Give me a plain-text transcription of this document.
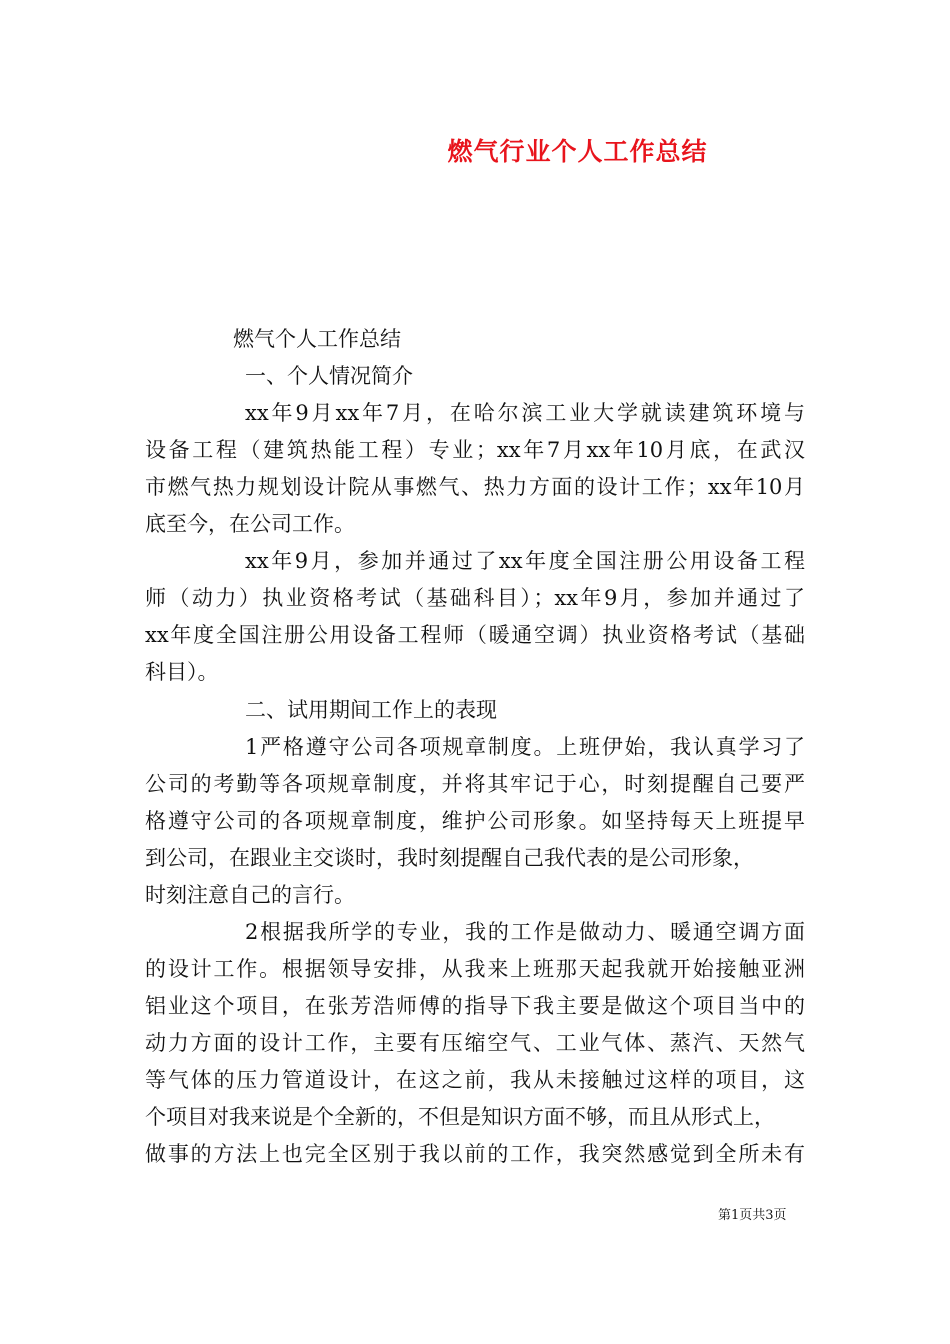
燃气行业个人工作总结
燃气个人工作总结
一、个人情况简介
xx年9月xx年7月，在哈尔滨工业大学就读建筑环境与
设备工程（建筑热能工程）专业；xx年7月xx年10月底，在武汉
市燃气热力规划设计院从事燃气、热力方面的设计工作；xx年10月
底至今，在公司工作。
xx年9月，参加并通过了xx年度全国注册公用设备工程
师（动力）执业资格考试（基础科目）；xx年9月，参加并通过了
xx年度全国注册公用设备工程师（暖通空调）执业资格考试（基础
科目）。
二、试用期间工作上的表现
1严格遵守公司各项规章制度。上班伊始，我认真学习了
公司的考勤等各项规章制度，并将其牢记于心，时刻提醒自己要严
格遵守公司的各项规章制度，维护公司形象。如坚持每天上班提早
到公司，在跟业主交谈时，我时刻提醒自己我代表的是公司形象，
时刻注意自己的言行。
2根据我所学的专业，我的工作是做动力、暖通空调方面
的设计工作。根据领导安排，从我来上班那天起我就开始接触亚洲
铝业这个项目，在张芳浩师傅的指导下我主要是做这个项目当中的
动力方面的设计工作，主要有压缩空气、工业气体、蒸汽、天然气
等气体的压力管道设计，在这之前，我从未接触过这样的项目，这
个项目对我来说是个全新的，不但是知识方面不够，而且从形式上，
做事的方法上也完全区别于我以前的工作，我突然感觉到全所未有
第1页共3页
